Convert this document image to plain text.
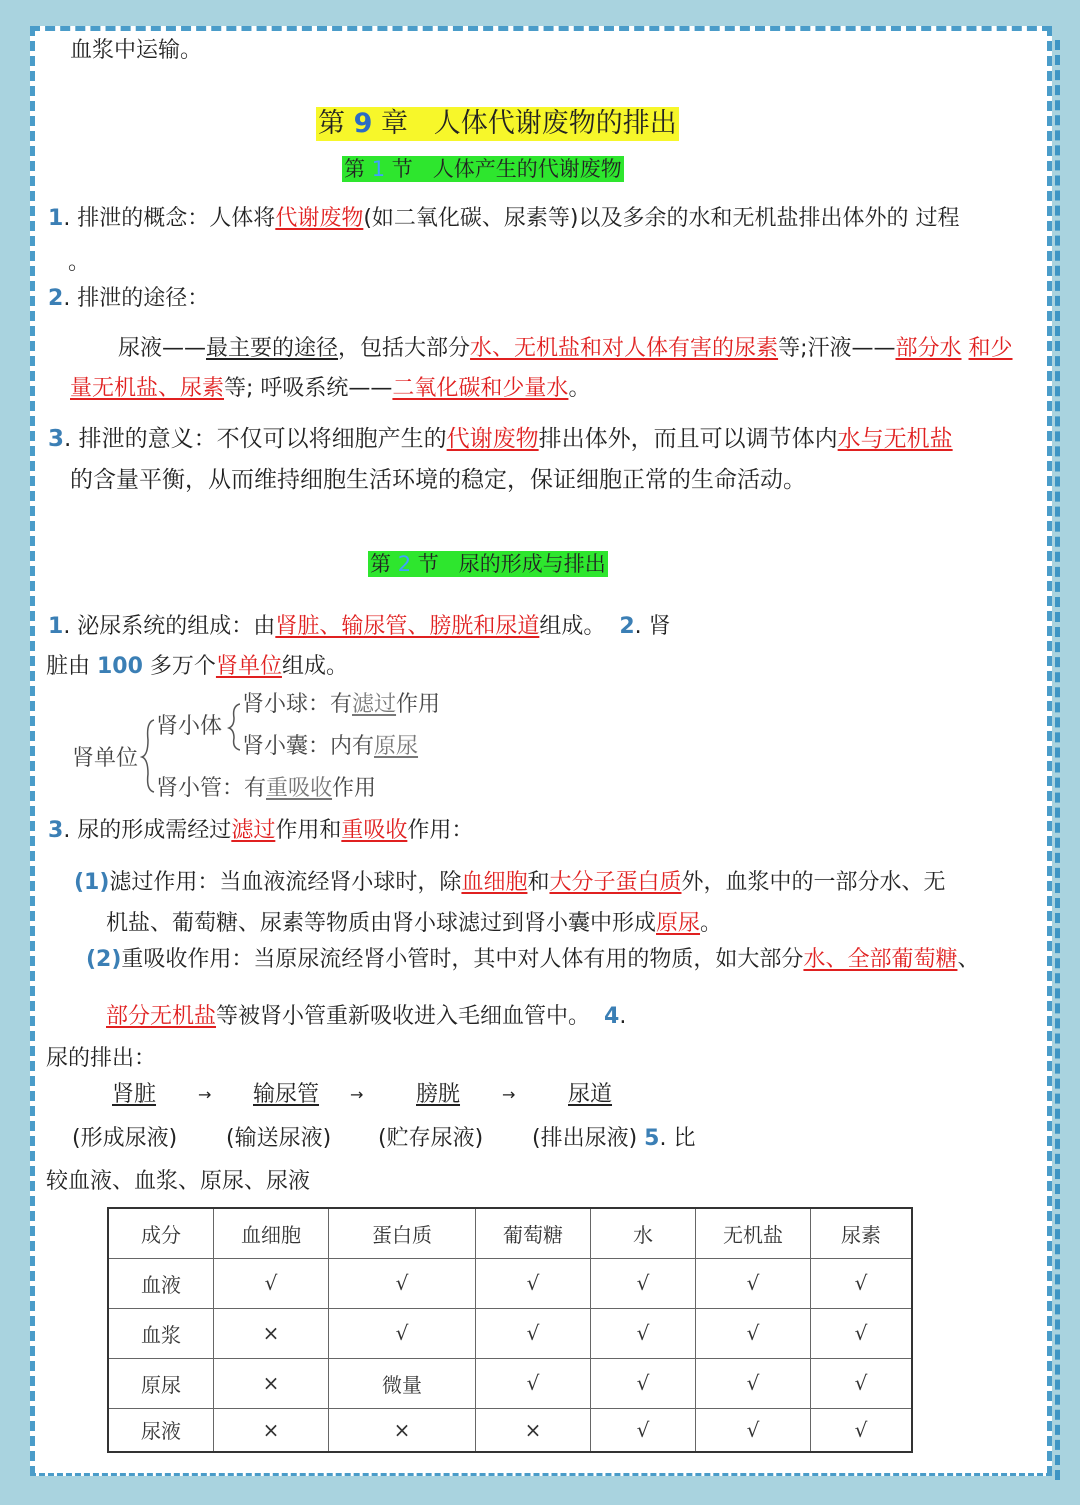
血浆中运输。
第 9 章 人体代谢废物的排出
第 1 节 人体产生的代谢废物
1. 排泄的概念：人体将代谢废物(如二氧化碳、尿素等)以及多余的水和无机盐排出体外的 过程
。
2. 排泄的途径：
尿液——最主要的途径，包括大部分水、无机盐和对人体有害的尿素等;汗液——部分水 和少
量无机盐、尿素等; 呼吸系统——二氧化碳和少量水。
3. 排泄的意义：不仅可以将细胞产生的代谢废物排出体外，而且可以调节体内水与无机盐
的含量平衡，从而维持细胞生活环境的稳定，保证细胞正常的生命活动。
第 2 节 尿的形成与排出
1. 泌尿系统的组成：由肾脏、输尿管、膀胱和尿道组成。 2. 肾
脏由 100 多万个肾单位组成。
肾单位
肾小体
肾小球：有滤过作用
肾小囊：内有原尿
肾小管：有重吸收作用
3. 尿的形成需经过滤过作用和重吸收作用：
(1)滤过作用：当血液流经肾小球时，除血细胞和大分子蛋白质外，血浆中的一部分水、无
机盐、葡萄糖、尿素等物质由肾小球滤过到肾小囊中形成原尿。
(2)重吸收作用：当原尿流经肾小管时，其中对人体有用的物质，如大部分水、全部葡萄糖、
部分无机盐等被肾小管重新吸收进入毛细血管中。 4.
尿的排出：
肾脏	→ 输尿管 → 膀胱	→ 尿道
(形成尿液) (输送尿液) (贮存尿液) (排出尿液) 5. 比
较血液、血浆、原尿、尿液
成分	血细胞	蛋白质	葡萄糖	水	无机盐	尿素
血液	√	√	√	√	√	√
血浆	×	√	√	√	√	√
原尿	×	微量	√	√	√	√
尿液	×	×	×	√	√	√
